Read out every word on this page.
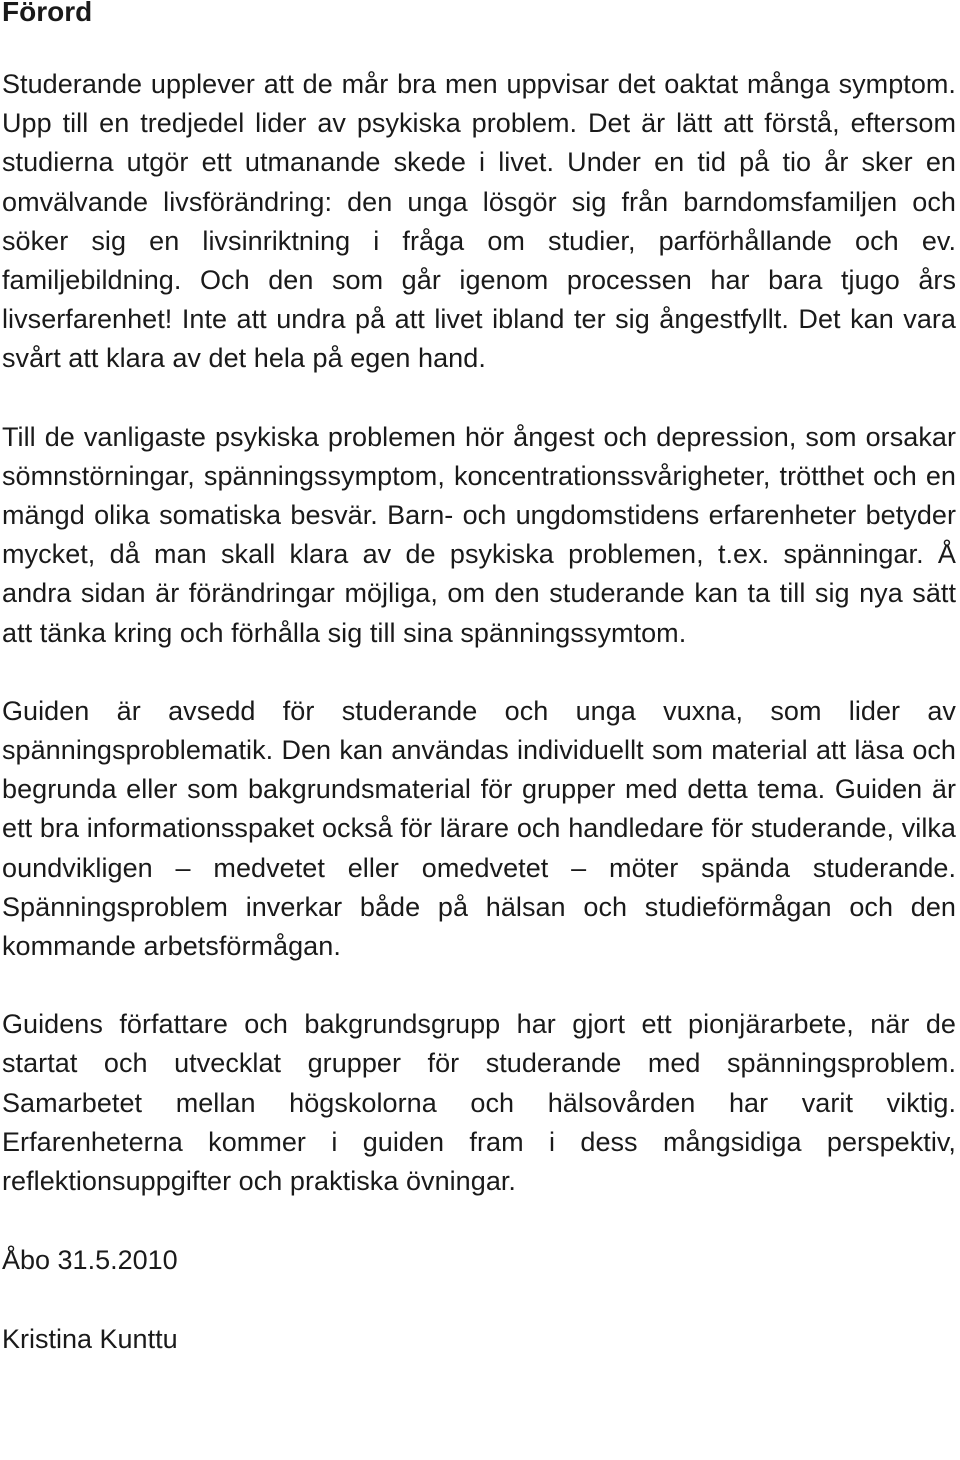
Förord

Studerande upplever att de mår bra men uppvisar det oaktat många symptom. Upp till en tredjedel lider av psykiska problem. Det är lätt att förstå, eftersom studierna utgör ett utmanande skede i livet. Under en tid på tio år sker en omvälvande livsförändring: den unga lösgör sig från barndomsfamiljen och söker sig en livsinriktning i fråga om studier, parförhållande och ev. familjebildning. Och den som går igenom processen har bara tjugo års livserfarenhet! Inte att undra på att livet ibland ter sig ångestfyllt. Det kan vara svårt att klara av det hela på egen hand.

Till de vanligaste psykiska problemen hör ångest och depression, som orsakar sömnstörningar, spänningssymptom, koncentrationssvårigheter, trötthet och en mängd olika somatiska besvär. Barn- och ungdomstidens erfarenheter betyder mycket, då man skall klara av de psykiska problemen, t.ex. spänningar. Å andra sidan är förändringar möjliga, om den studerande kan ta till sig nya sätt att tänka kring och förhålla sig till sina spänningssymtom.

Guiden är avsedd för studerande och unga vuxna, som lider av spänningsproblematik. Den kan användas individuellt som material att läsa och begrunda eller som bakgrundsmaterial för grupper med detta tema. Guiden är ett bra informationsspaket också för lärare och handledare för studerande, vilka oundvikligen – medvetet eller omedvetet – möter spända studerande. Spänningsproblem inverkar både på hälsan och studieförmågan och den kommande arbetsförmågan.

Guidens författare och bakgrundsgrupp har gjort ett pionjärarbete, när de startat och utvecklat grupper för studerande med spänningsproblem. Samarbetet mellan högskolorna och hälsovården har varit viktig. Erfarenheterna kommer i guiden fram i dess mångsidiga perspektiv, reflektionsuppgifter och praktiska övningar.

Åbo 31.5.2010
Kristina Kunttu
